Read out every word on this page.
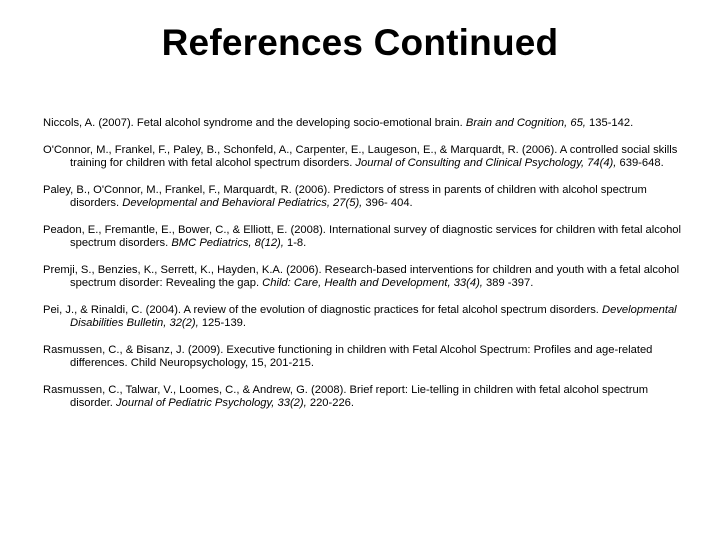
References Continued

Niccols, A. (2007). Fetal alcohol syndrome and the developing socio-emotional brain. Brain and Cognition, 65, 135-142.

O'Connor, M., Frankel, F., Paley, B., Schonfeld, A., Carpenter, E., Laugeson, E., & Marquardt, R. (2006). A controlled social skills training for children with fetal alcohol spectrum disorders. Journal of Consulting and Clinical Psychology, 74(4), 639-648.

Paley, B., O'Connor, M., Frankel, F., Marquardt, R. (2006). Predictors of stress in parents of children with alcohol spectrum disorders. Developmental and Behavioral Pediatrics, 27(5), 396- 404.

Peadon, E., Fremantle, E., Bower, C., & Elliott, E. (2008). International survey of diagnostic services for children with fetal alcohol spectrum disorders. BMC Pediatrics, 8(12), 1-8.

Premji, S., Benzies, K., Serrett, K., Hayden, K.A. (2006). Research-based interventions for children and youth with a fetal alcohol spectrum disorder: Revealing the gap. Child: Care, Health and Development, 33(4), 389 -397.

Pei, J., & Rinaldi, C. (2004). A review of the evolution of diagnostic practices for fetal alcohol spectrum disorders. Developmental Disabilities Bulletin, 32(2), 125-139.

Rasmussen, C., & Bisanz, J. (2009). Executive functioning in children with Fetal Alcohol Spectrum: Profiles and age-related differences. Child Neuropsychology, 15, 201-215.

Rasmussen, C., Talwar, V., Loomes, C., & Andrew, G. (2008). Brief report: Lie-telling in children with fetal alcohol spectrum disorder. Journal of Pediatric Psychology, 33(2), 220-226.
